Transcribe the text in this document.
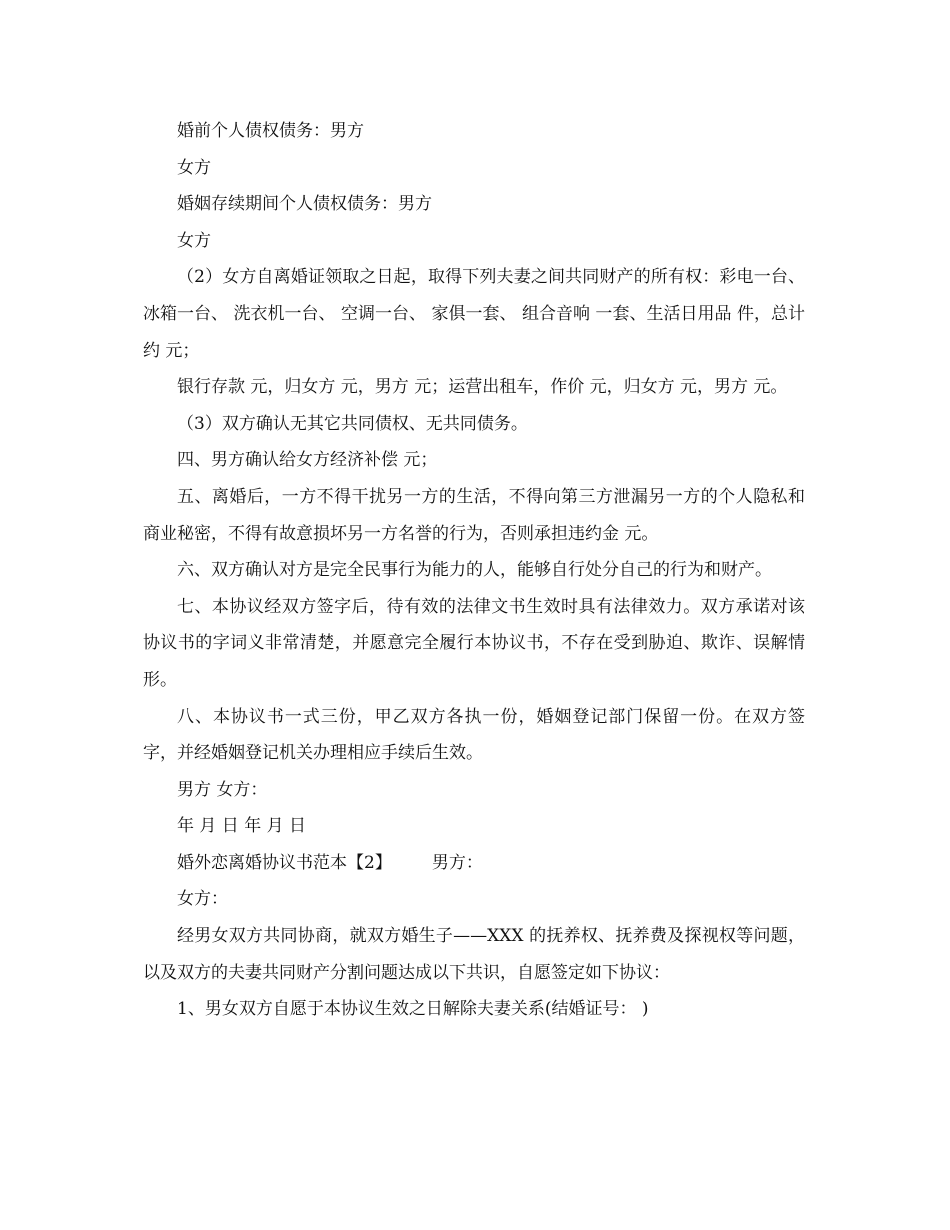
婚前个人债权债务：男方

女方

婚姻存续期间个人债权债务：男方

女方

（2）女方自离婚证领取之日起，取得下列夫妻之间共同财产的所有权：彩电一台、 冰箱一台、 洗衣机一台、 空调一台、 家俱一套、 组合音响 一套、生活日用品 件，总计约 元；

银行存款 元，归女方 元，男方 元；运营出租车，作价 元，归女方 元，男方 元。

（3）双方确认无其它共同债权、无共同债务。

四、男方确认给女方经济补偿 元；

五、离婚后，一方不得干扰另一方的生活，不得向第三方泄漏另一方的个人隐私和商业秘密，不得有故意损坏另一方名誉的行为，否则承担违约金 元。

六、双方确认对方是完全民事行为能力的人，能够自行处分自己的行为和财产。

七、本协议经双方签字后，待有效的法律文书生效时具有法律效力。双方承诺对该协议书的字词义非常清楚，并愿意完全履行本协议书，不存在受到胁迫、欺诈、误解情形。

八、本协议书一式三份，甲乙双方各执一份，婚姻登记部门保留一份。在双方签字，并经婚姻登记机关办理相应手续后生效。

男方 女方：

年 月 日 年 月 日

婚外恋离婚协议书范本【2】 男方：

女方：

经男女双方共同协商，就双方婚生子——XXX 的抚养权、抚养费及探视权等问题，以及双方的夫妻共同财产分割问题达成以下共识，自愿签定如下协议：

1、男女双方自愿于本协议生效之日解除夫妻关系(结婚证号： )
